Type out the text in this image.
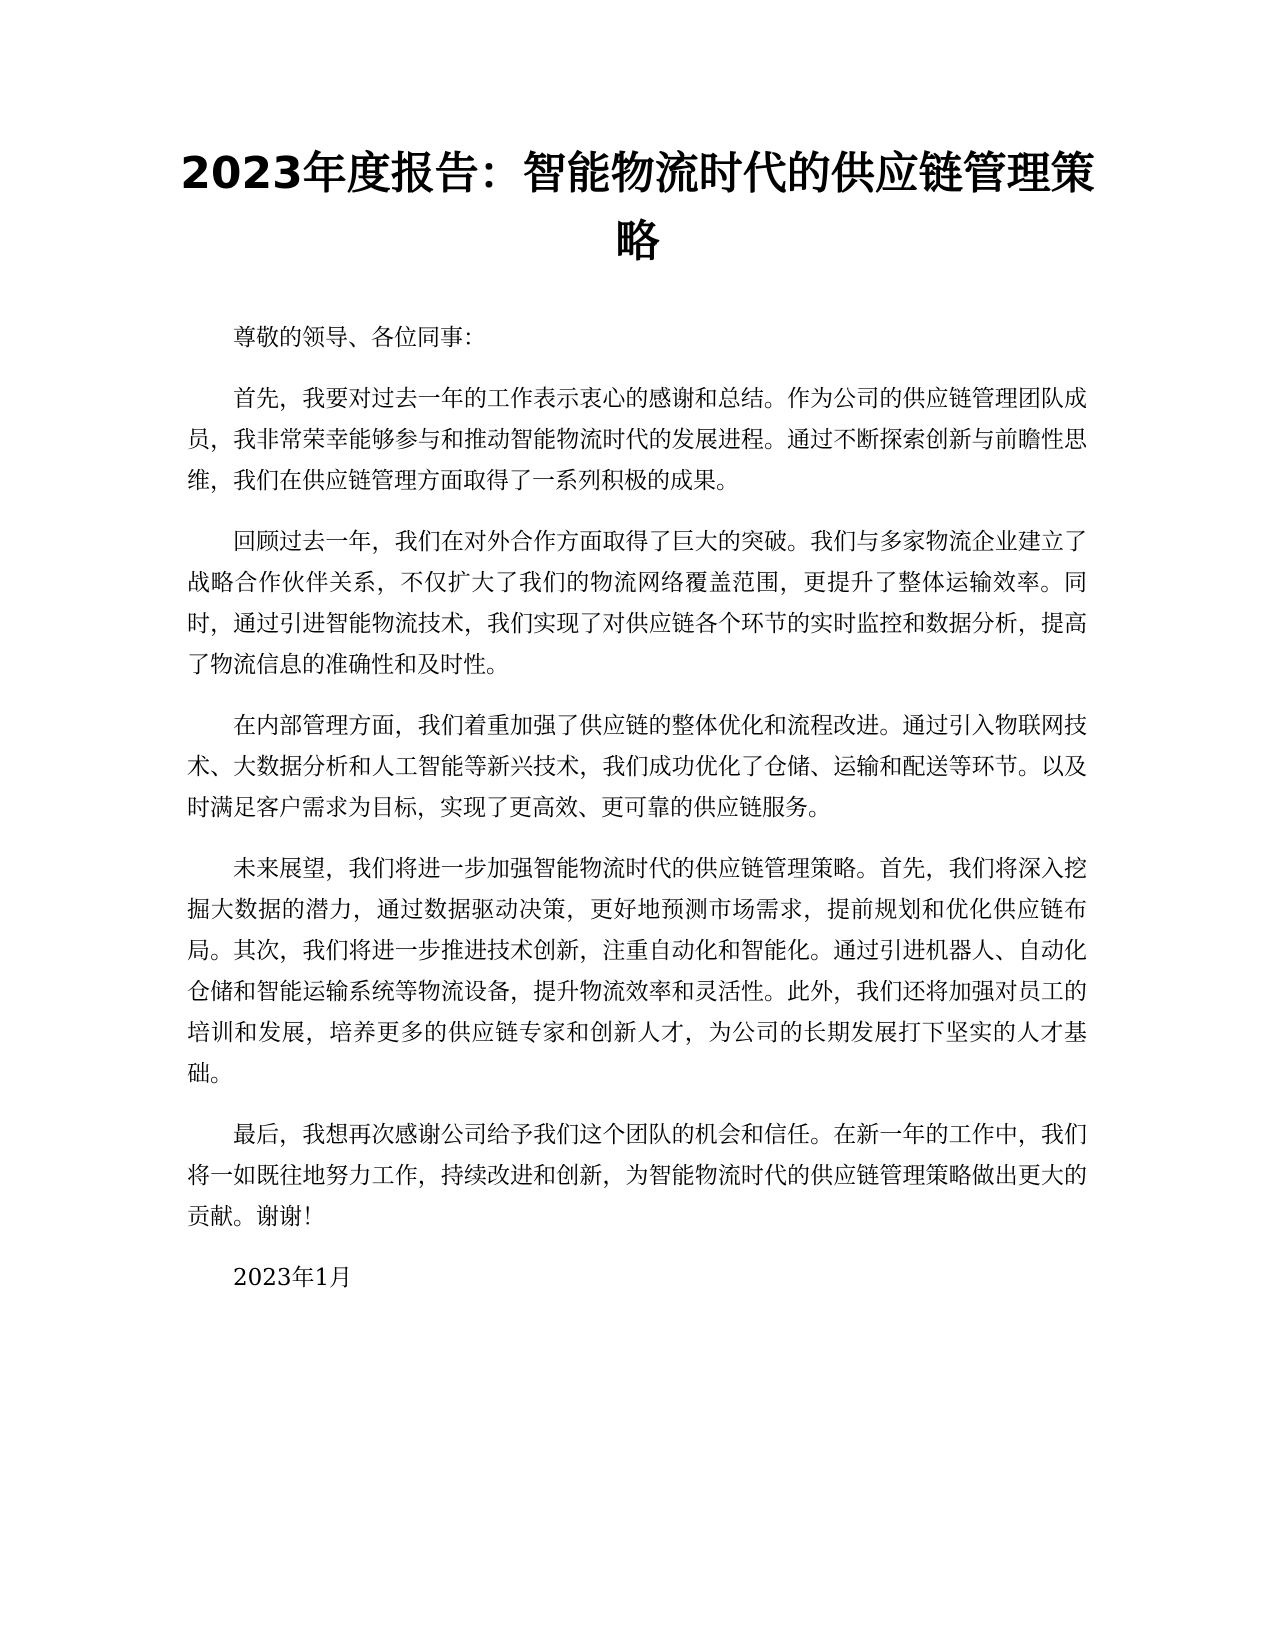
2023年度报告：智能物流时代的供应链管理策略

尊敬的领导、各位同事：

首先，我要对过去一年的工作表示衷心的感谢和总结。作为公司的供应链管理团队成员，我非常荣幸能够参与和推动智能物流时代的发展进程。通过不断探索创新与前瞻性思维，我们在供应链管理方面取得了一系列积极的成果。

回顾过去一年，我们在对外合作方面取得了巨大的突破。我们与多家物流企业建立了战略合作伙伴关系，不仅扩大了我们的物流网络覆盖范围，更提升了整体运输效率。同时，通过引进智能物流技术，我们实现了对供应链各个环节的实时监控和数据分析，提高了物流信息的准确性和及时性。

在内部管理方面，我们着重加强了供应链的整体优化和流程改进。通过引入物联网技术、大数据分析和人工智能等新兴技术，我们成功优化了仓储、运输和配送等环节。以及时满足客户需求为目标，实现了更高效、更可靠的供应链服务。

未来展望，我们将进一步加强智能物流时代的供应链管理策略。首先，我们将深入挖掘大数据的潜力，通过数据驱动决策，更好地预测市场需求，提前规划和优化供应链布局。其次，我们将进一步推进技术创新，注重自动化和智能化。通过引进机器人、自动化仓储和智能运输系统等物流设备，提升物流效率和灵活性。此外，我们还将加强对员工的培训和发展，培养更多的供应链专家和创新人才，为公司的长期发展打下坚实的人才基础。

最后，我想再次感谢公司给予我们这个团队的机会和信任。在新一年的工作中，我们将一如既往地努力工作，持续改进和创新，为智能物流时代的供应链管理策略做出更大的贡献。谢谢！

2023年1月
